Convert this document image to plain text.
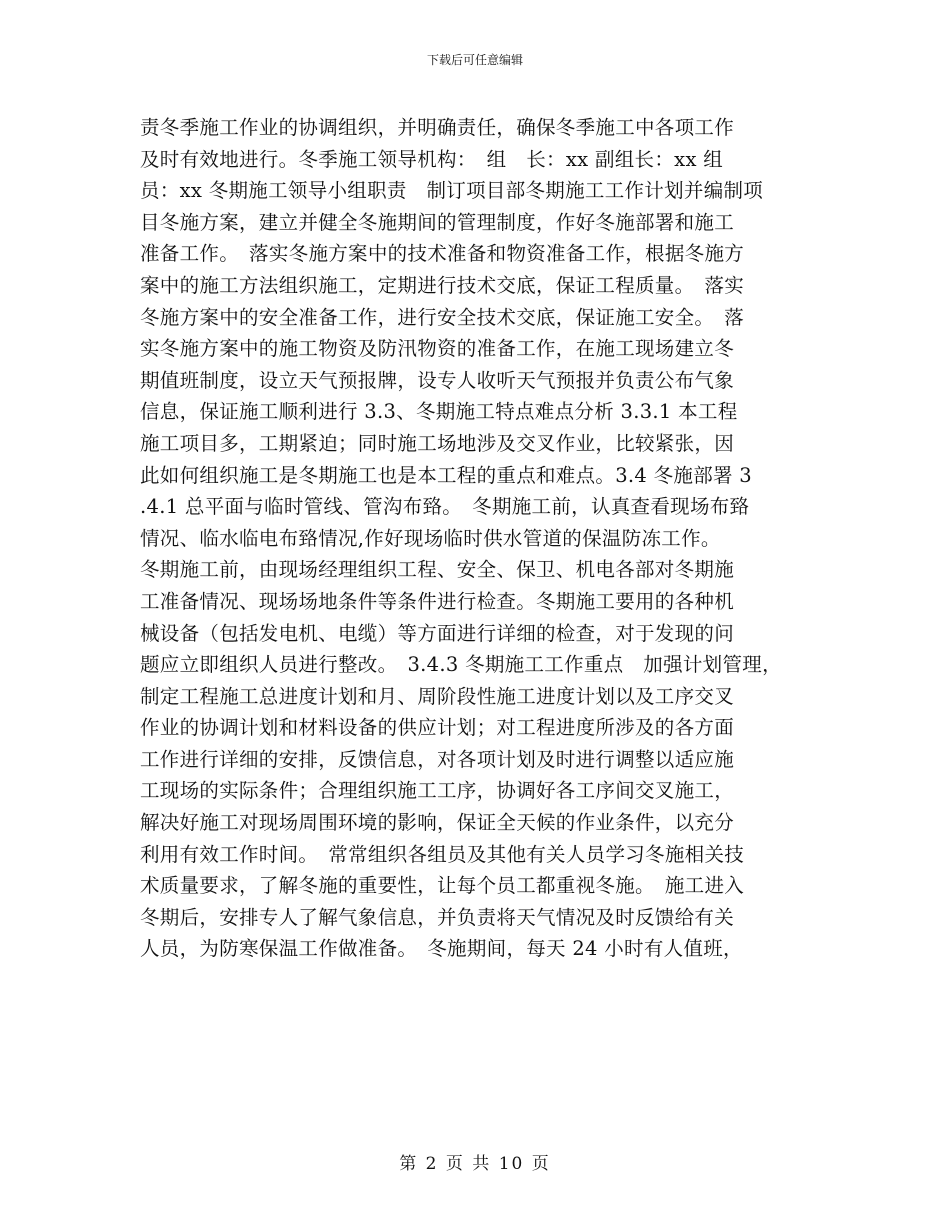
下载后可任意编辑
责冬季施工作业的协调组织，并明确责任，确保冬季施工中各项工作
及时有效地进行。冬季施工领导机构：　组　长：xx 副组长：xx 组
员：xx 冬期施工领导小组职责　制订项目部冬期施工工作计划并编制项
目冬施方案，建立并健全冬施期间的管理制度，作好冬施部署和施工
准备工作。　落实冬施方案中的技术准备和物资准备工作，根据冬施方
案中的施工方法组织施工，定期进行技术交底，保证工程质量。　落实
冬施方案中的安全准备工作，进行安全技术交底，保证施工安全。　落
实冬施方案中的施工物资及防汛物资的准备工作，在施工现场建立冬
期值班制度，设立天气预报牌，设专人收听天气预报并负责公布气象
信息，保证施工顺利进行 3.3、冬期施工特点难点分析 3.3.1 本工程
施工项目多，工期紧迫；同时施工场地涉及交叉作业，比较紧张，因
此如何组织施工是冬期施工也是本工程的重点和难点。3.4 冬施部署 3
.4.1 总平面与临时管线、管沟布臵。　冬期施工前，认真查看现场布臵
情况、临水临电布臵情况,作好现场临时供水管道的保温防冻工作。
冬期施工前，由现场经理组织工程、安全、保卫、机电各部对冬期施
工准备情况、现场场地条件等条件进行检查。冬期施工要用的各种机
械设备（包括发电机、电缆）等方面进行详细的检查，对于发现的问
题应立即组织人员进行整改。　3.4.3 冬期施工工作重点　加强计划管理，
制定工程施工总进度计划和月、周阶段性施工进度计划以及工序交叉
作业的协调计划和材料设备的供应计划；对工程进度所涉及的各方面
工作进行详细的安排，反馈信息，对各项计划及时进行调整以适应施
工现场的实际条件；合理组织施工工序，协调好各工序间交叉施工，
解决好施工对现场周围环境的影响，保证全天候的作业条件，以充分
利用有效工作时间。　常常组织各组员及其他有关人员学习冬施相关技
术质量要求，了解冬施的重要性，让每个员工都重视冬施。　施工进入
冬期后，安排专人了解气象信息，并负责将天气情况及时反馈给有关
人员，为防寒保温工作做准备。　冬施期间，每天 24 小时有人值班，
第 2 页 共 10 页
